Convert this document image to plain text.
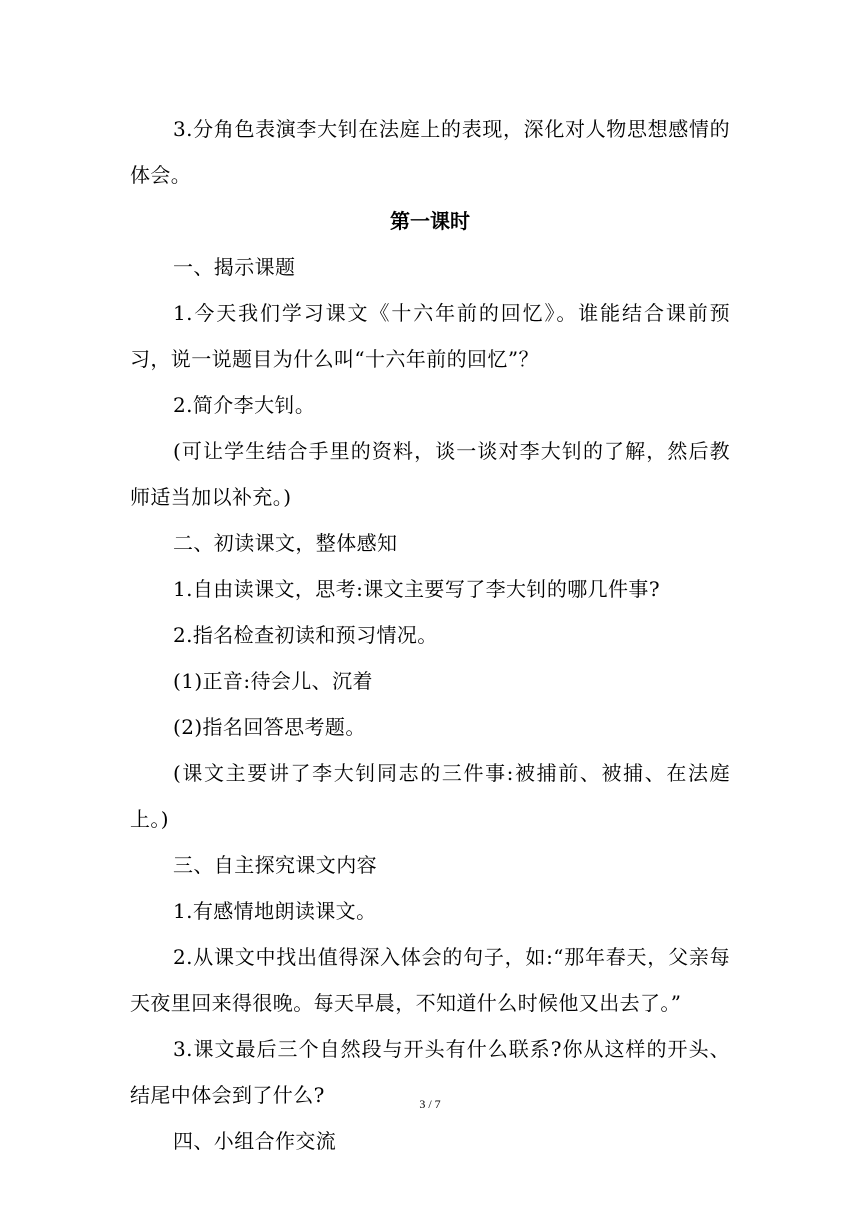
3.分角色表演李大钊在法庭上的表现，深化对人物思想感情的体会。

第一课时

一、揭示课题

1.今天我们学习课文《十六年前的回忆》。谁能结合课前预习，说一说题目为什么叫“十六年前的回忆”？

2.简介李大钊。

(可让学生结合手里的资料，谈一谈对李大钊的了解，然后教师适当加以补充。)

二、初读课文，整体感知

1.自由读课文，思考:课文主要写了李大钊的哪几件事?

2.指名检查初读和预习情况。

(1)正音:待会儿、沉着

(2)指名回答思考题。

(课文主要讲了李大钊同志的三件事:被捕前、被捕、在法庭上。)

三、自主探究课文内容

1.有感情地朗读课文。

2.从课文中找出值得深入体会的句子，如:“那年春天，父亲每天夜里回来得很晚。每天早晨，不知道什么时候他又出去了。”

3.课文最后三个自然段与开头有什么联系?你从这样的开头、结尾中体会到了什么?

四、小组合作交流

3 / 7
